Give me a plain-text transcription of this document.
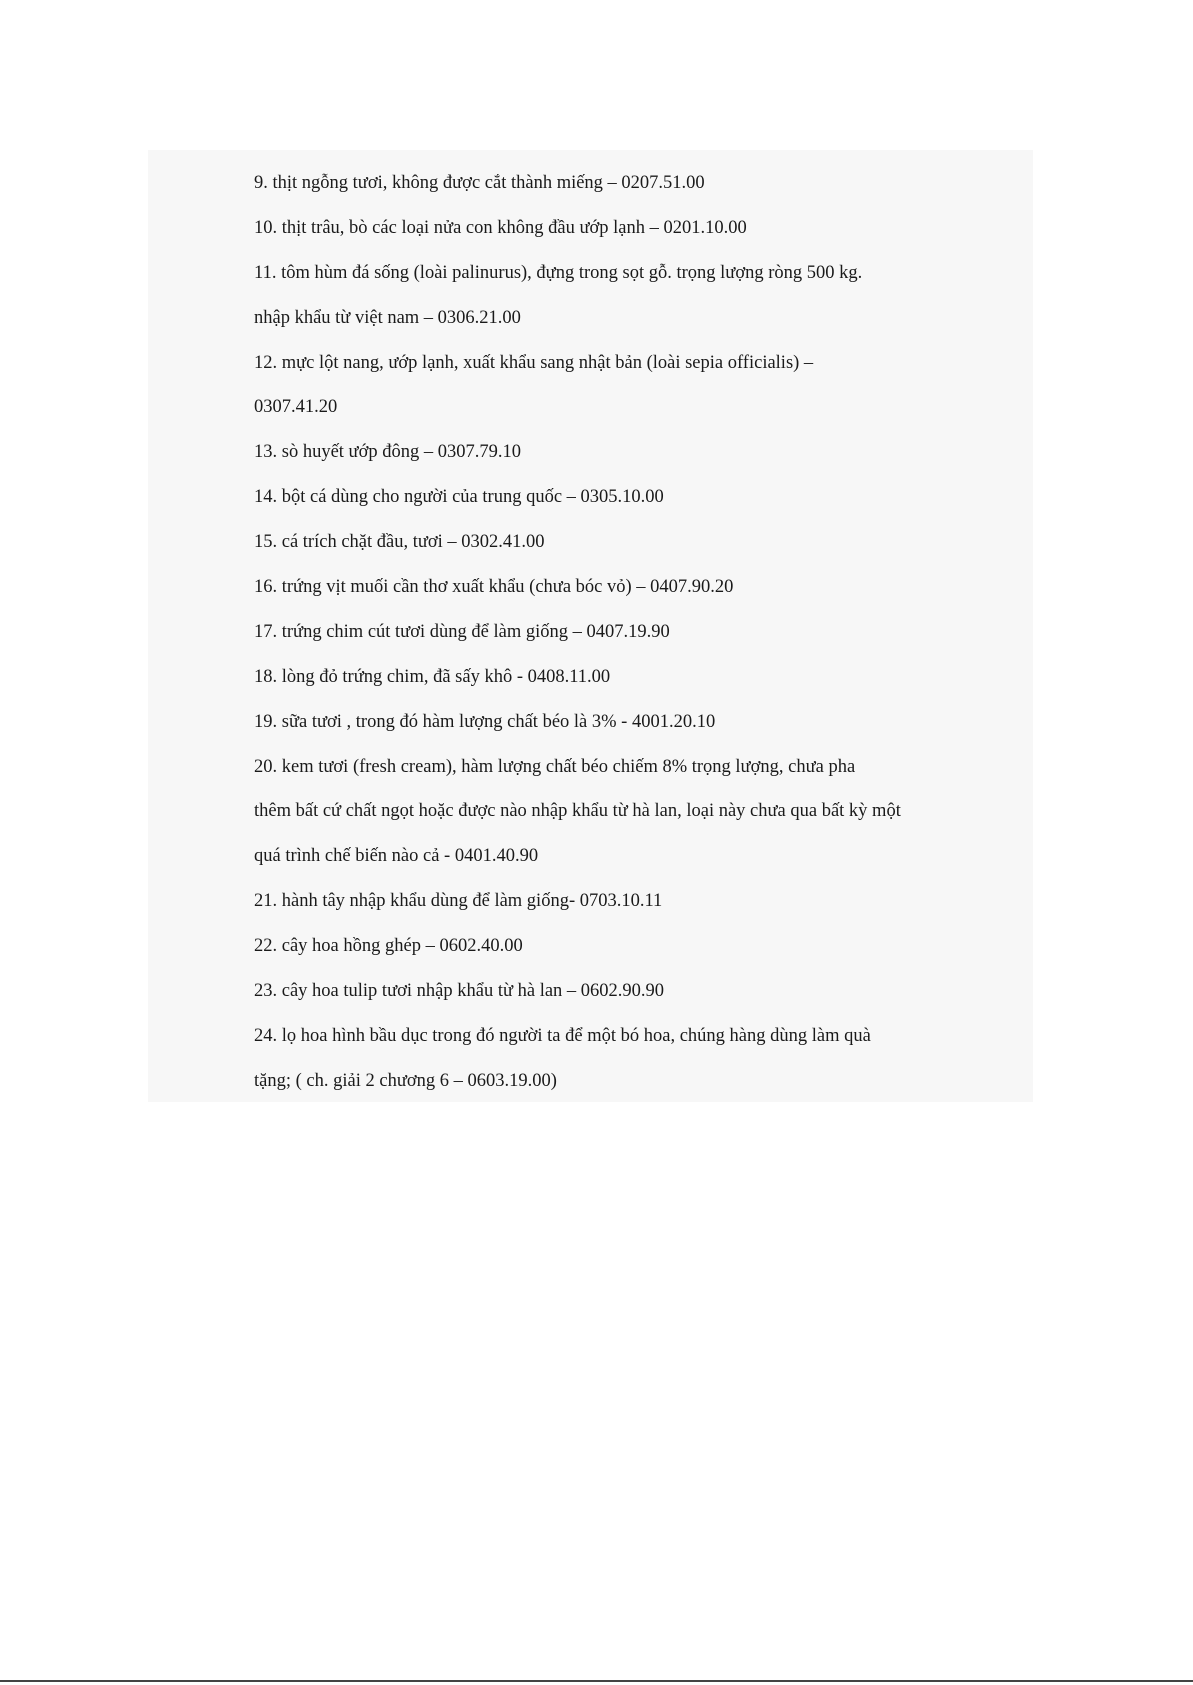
9. thịt ngỗng tươi, không được cắt thành miếng – 0207.51.00
10. thịt trâu, bò các loại nửa con không đầu ướp lạnh – 0201.10.00
11. tôm hùm đá sống (loài palinurus), đựng trong sọt gỗ. trọng lượng ròng 500 kg.
nhập khẩu từ việt nam – 0306.21.00
12. mực lột nang, ướp lạnh, xuất khẩu sang nhật bản (loài sepia officialis) –
0307.41.20
13. sò huyết ướp đông – 0307.79.10
14. bột cá dùng cho người của trung quốc – 0305.10.00
15. cá trích chặt đầu, tươi – 0302.41.00
16. trứng vịt muối cần thơ xuất khẩu (chưa bóc vỏ) – 0407.90.20
17. trứng chim cút tươi dùng để làm giống – 0407.19.90
18. lòng đỏ trứng chim, đã sấy khô - 0408.11.00
19. sữa tươi , trong đó hàm lượng chất béo là 3% - 4001.20.10
20. kem tươi (fresh cream), hàm lượng chất béo chiếm 8% trọng lượng, chưa pha
thêm bất cứ chất ngọt hoặc được nào nhập khẩu từ hà lan, loại này chưa qua bất kỳ một
quá trình chế biến nào cả - 0401.40.90
21. hành tây nhập khẩu dùng để làm giống- 0703.10.11
22. cây hoa hồng ghép – 0602.40.00
23. cây hoa tulip tươi nhập khẩu từ hà lan – 0602.90.90
24. lọ hoa hình bầu dục trong đó người ta để một bó hoa, chúng hàng dùng làm quà
tặng; ( ch. giải 2 chương 6 – 0603.19.00)
